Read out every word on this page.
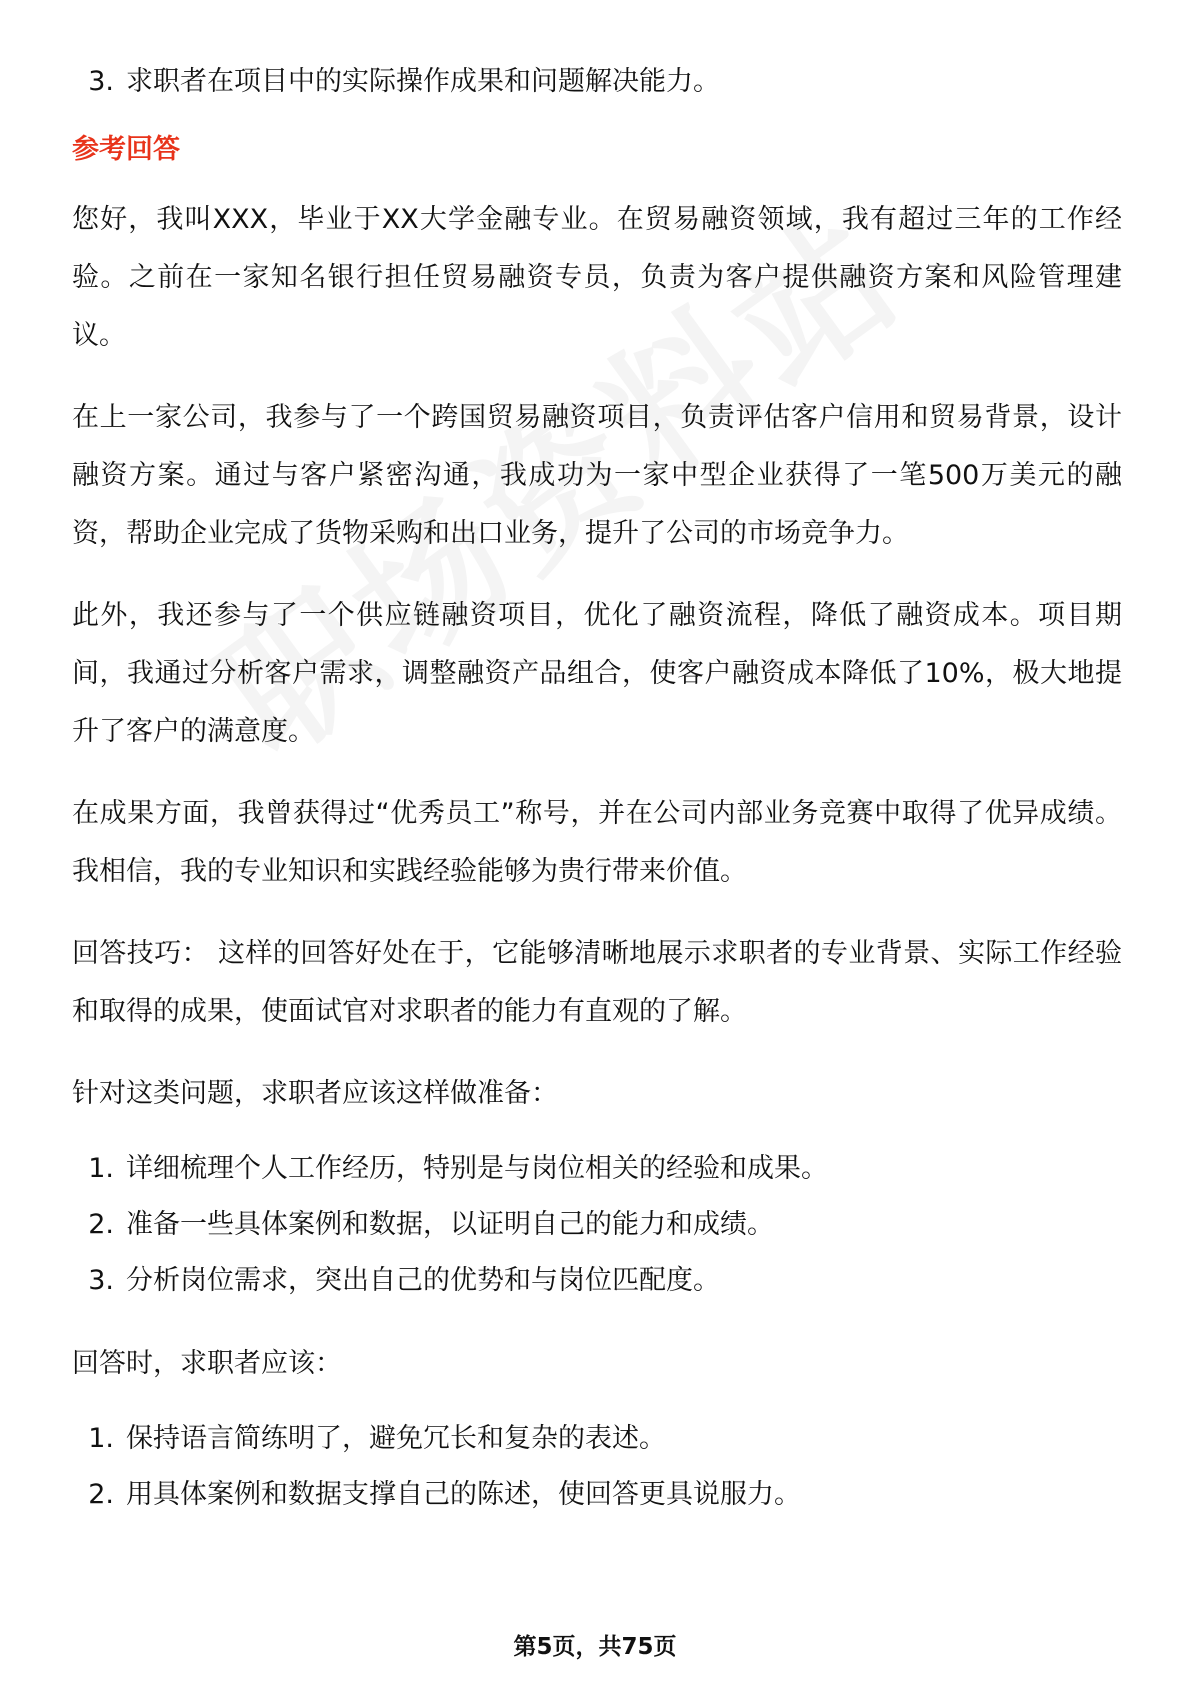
3. 求职者在项目中的实际操作成果和问题解决能力。
参考回答

您好，我叫XXX，毕业于XX大学金融专业。在贸易融资领域，我有超过三年的工作经验。之前在一家知名银行担任贸易融资专员，负责为客户提供融资方案和风险管理建议。

在上一家公司，我参与了一个跨国贸易融资项目，负责评估客户信用和贸易背景，设计融资方案。通过与客户紧密沟通，我成功为一家中型企业获得了一笔500万美元的融资，帮助企业完成了货物采购和出口业务，提升了公司的市场竞争力。

此外，我还参与了一个供应链融资项目，优化了融资流程，降低了融资成本。项目期间，我通过分析客户需求，调整融资产品组合，使客户融资成本降低了10%，极大地提升了客户的满意度。

在成果方面，我曾获得过“优秀员工”称号，并在公司内部业务竞赛中取得了优异成绩。我相信，我的专业知识和实践经验能够为贵行带来价值。

回答技巧： 这样的回答好处在于，它能够清晰地展示求职者的专业背景、实际工作经验和取得的成果，使面试官对求职者的能力有直观的了解。

针对这类问题，求职者应该这样做准备：

1. 详细梳理个人工作经历，特别是与岗位相关的经验和成果。
2. 准备一些具体案例和数据，以证明自己的能力和成绩。
3. 分析岗位需求，突出自己的优势和与岗位匹配度。

回答时，求职者应该：

1. 保持语言简练明了，避免冗长和复杂的表述。
2. 用具体案例和数据支撑自己的陈述，使回答更具说服力。
第5页，共75页
